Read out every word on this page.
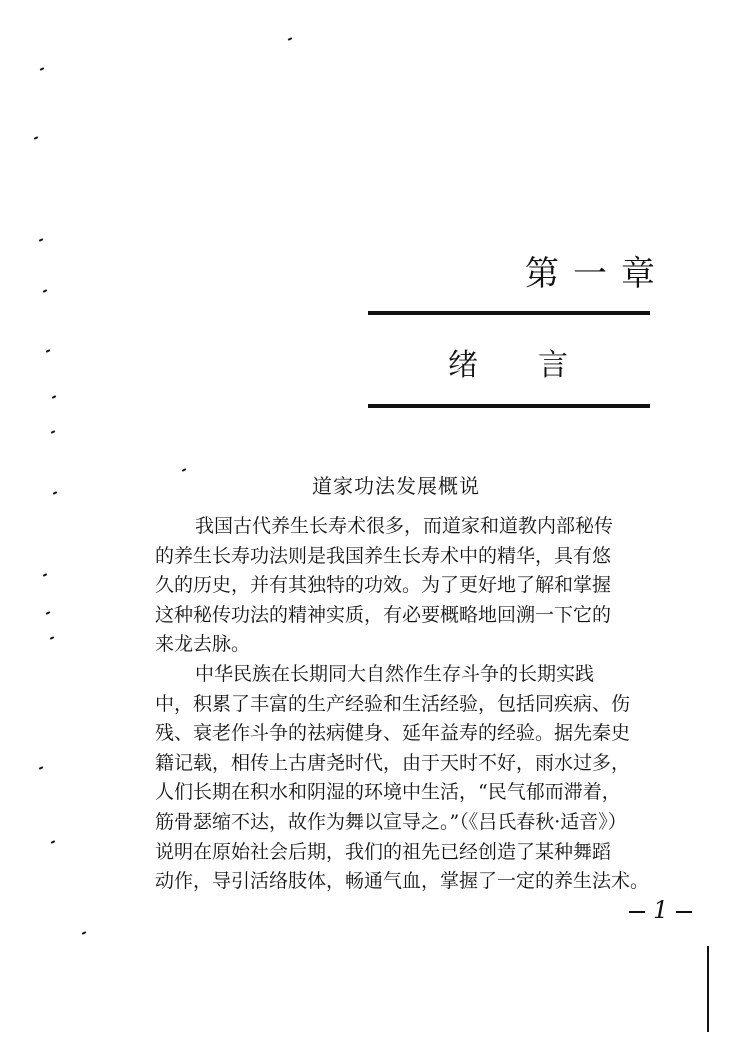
第一章
绪言
道家功法发展概说
我国古代养生长寿术很多，而道家和道教内部秘传
的养生长寿功法则是我国养生长寿术中的精华，具有悠
久的历史，并有其独特的功效。为了更好地了解和掌握
这种秘传功法的精神实质，有必要概略地回溯一下它的
来龙去脉。
中华民族在长期同大自然作生存斗争的长期实践
中，积累了丰富的生产经验和生活经验，包括同疾病、伤
残、衰老作斗争的祛病健身、延年益寿的经验。据先秦史
籍记载，相传上古唐尧时代，由于天时不好，雨水过多，
人们长期在积水和阴湿的环境中生活，“民气郁而滞着，
筋骨瑟缩不达，故作为舞以宣导之。”（《吕氏春秋·适音》）
说明在原始社会后期，我们的祖先已经创造了某种舞蹈
动作，导引活络肢体，畅通气血，掌握了一定的养生法术。
1
